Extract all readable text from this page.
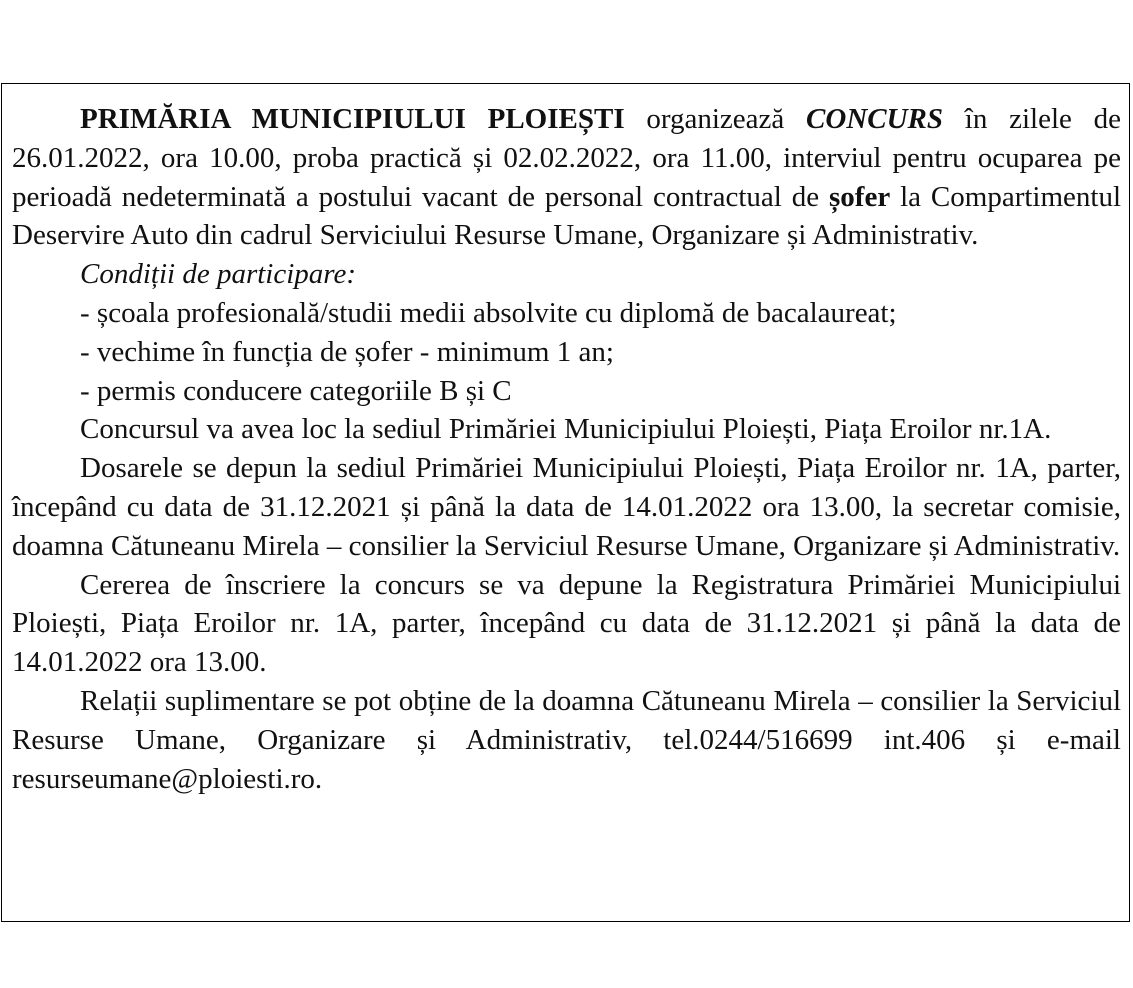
PRIMĂRIA MUNICIPIULUI PLOIEȘTI organizează CONCURS în zilele de 26.01.2022, ora 10.00, proba practică și 02.02.2022, ora 11.00, interviul pentru ocuparea pe perioadă nedeterminată a postului vacant de personal contractual de șofer la Compartimentul Deservire Auto din cadrul Serviciului Resurse Umane, Organizare și Administrativ.

Condiții de participare:

- școala profesională/studii medii absolvite cu diplomă de bacalaureat;

- vechime în funcția de șofer - minimum 1 an;

- permis conducere categoriile B și C

Concursul va avea loc la sediul Primăriei Municipiului Ploiești, Piața Eroilor nr.1A.

Dosarele se depun la sediul Primăriei Municipiului Ploiești, Piața Eroilor nr. 1A, parter, începând cu data de 31.12.2021 și până la data de 14.01.2022 ora 13.00, la secretar comisie, doamna Cătuneanu Mirela – consilier la Serviciul Resurse Umane, Organizare și Administrativ.

Cererea de înscriere la concurs se va depune la Registratura Primăriei Municipiului Ploiești, Piața Eroilor nr. 1A, parter, începând cu data de 31.12.2021 și până la data de 14.01.2022 ora 13.00.

Relații suplimentare se pot obține de la doamna Cătuneanu Mirela – consilier la Serviciul Resurse Umane, Organizare și Administrativ, tel.0244/516699 int.406 și e-mail resurseumane@ploiesti.ro.
